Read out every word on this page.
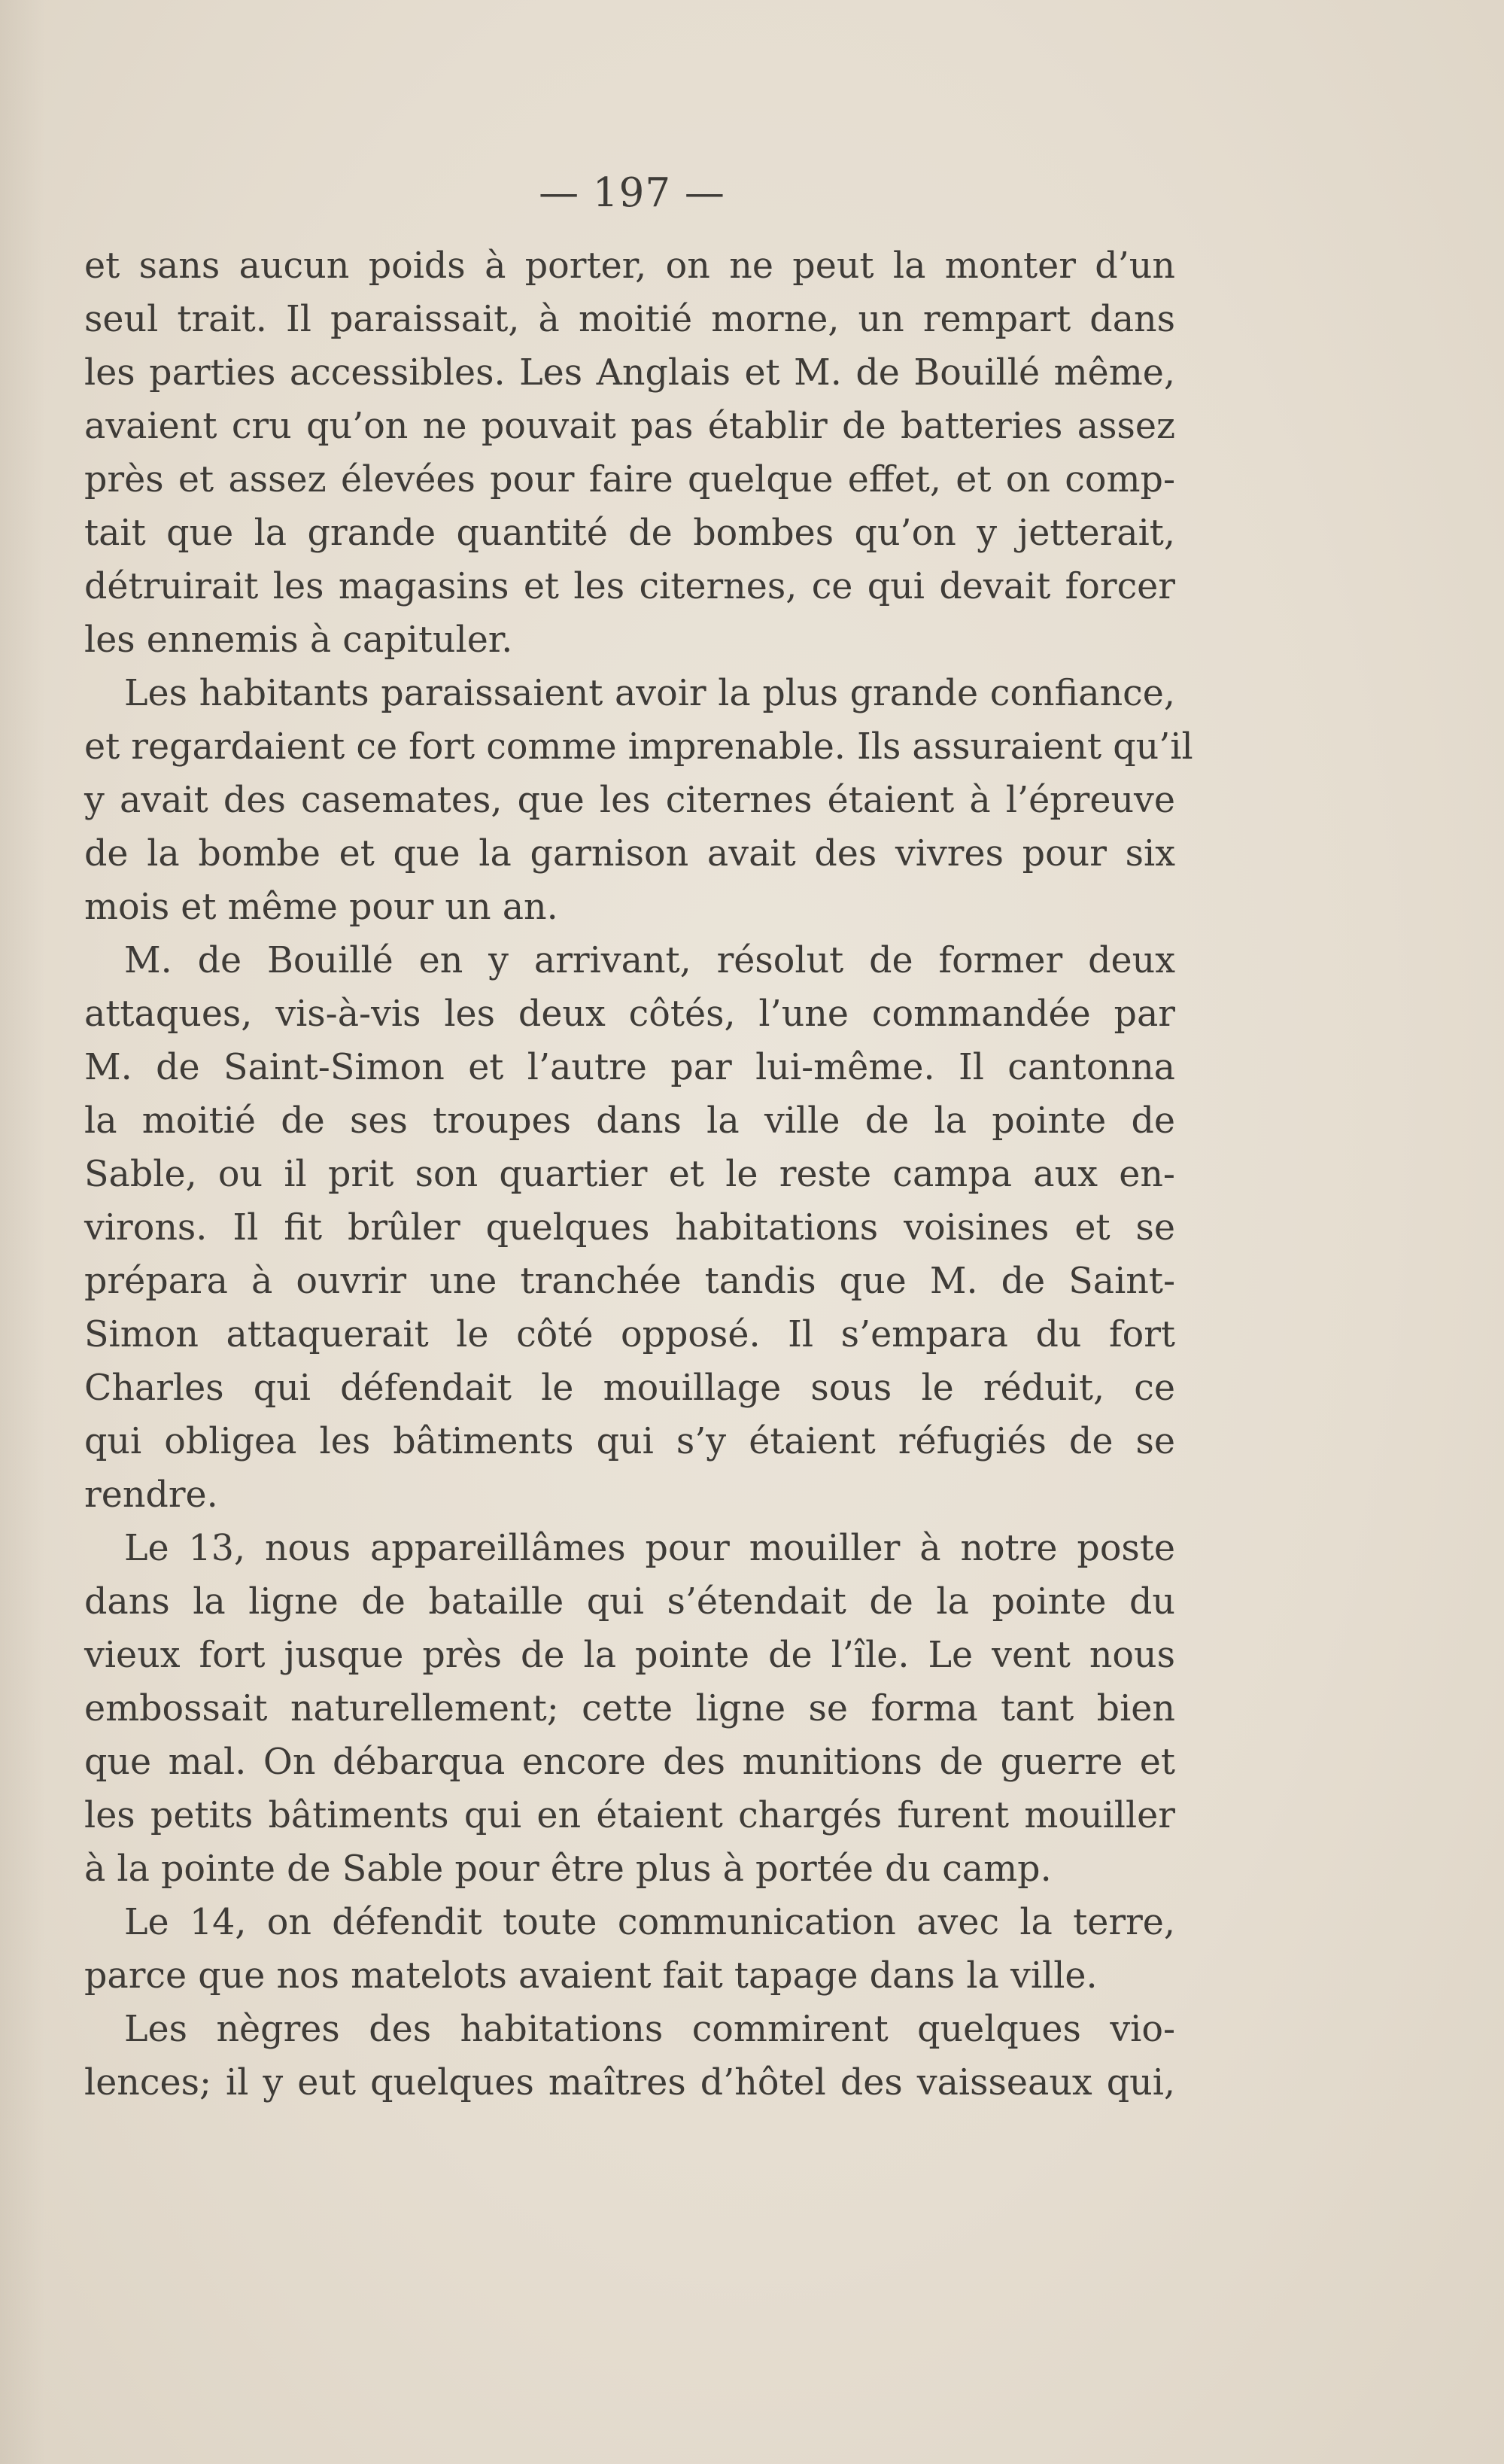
— 197 —
et sans aucun poids à porter, on ne peut la monter d’un
seul trait. Il paraissait, à moitié morne, un rempart dans
les parties accessibles. Les Anglais et M. de Bouillé même,
avaient cru qu’on ne pouvait pas établir de batteries assez
près et assez élevées pour faire quelque effet, et on comp-
tait que la grande quantité de bombes qu’on y jetterait,
détruirait les magasins et les citernes, ce qui devait forcer
les ennemis à capituler.
Les habitants paraissaient avoir la plus grande confiance,
et regardaient ce fort comme imprenable. Ils assuraient qu’il
y avait des casemates, que les citernes étaient à l’épreuve
de la bombe et que la garnison avait des vivres pour six
mois et même pour un an.
M. de Bouillé en y arrivant, résolut de former deux
attaques, vis-à-vis les deux côtés, l’une commandée par
M. de Saint-Simon et l’autre par lui-même. Il cantonna
la moitié de ses troupes dans la ville de la pointe de
Sable, ou il prit son quartier et le reste campa aux en-
virons. Il fit brûler quelques habitations voisines et se
prépara à ouvrir une tranchée tandis que M. de Saint-
Simon attaquerait le côté opposé. Il s’empara du fort
Charles qui défendait le mouillage sous le réduit, ce
qui obligea les bâtiments qui s’y étaient réfugiés de se
rendre.
Le 13, nous appareillâmes pour mouiller à notre poste
dans la ligne de bataille qui s’étendait de la pointe du
vieux fort jusque près de la pointe de l’île. Le vent nous
embossait naturellement; cette ligne se forma tant bien
que mal. On débarqua encore des munitions de guerre et
les petits bâtiments qui en étaient chargés furent mouiller
à la pointe de Sable pour être plus à portée du camp.
Le 14, on défendit toute communication avec la terre,
parce que nos matelots avaient fait tapage dans la ville.
Les nègres des habitations commirent quelques vio-
lences; il y eut quelques maîtres d’hôtel des vaisseaux qui,
